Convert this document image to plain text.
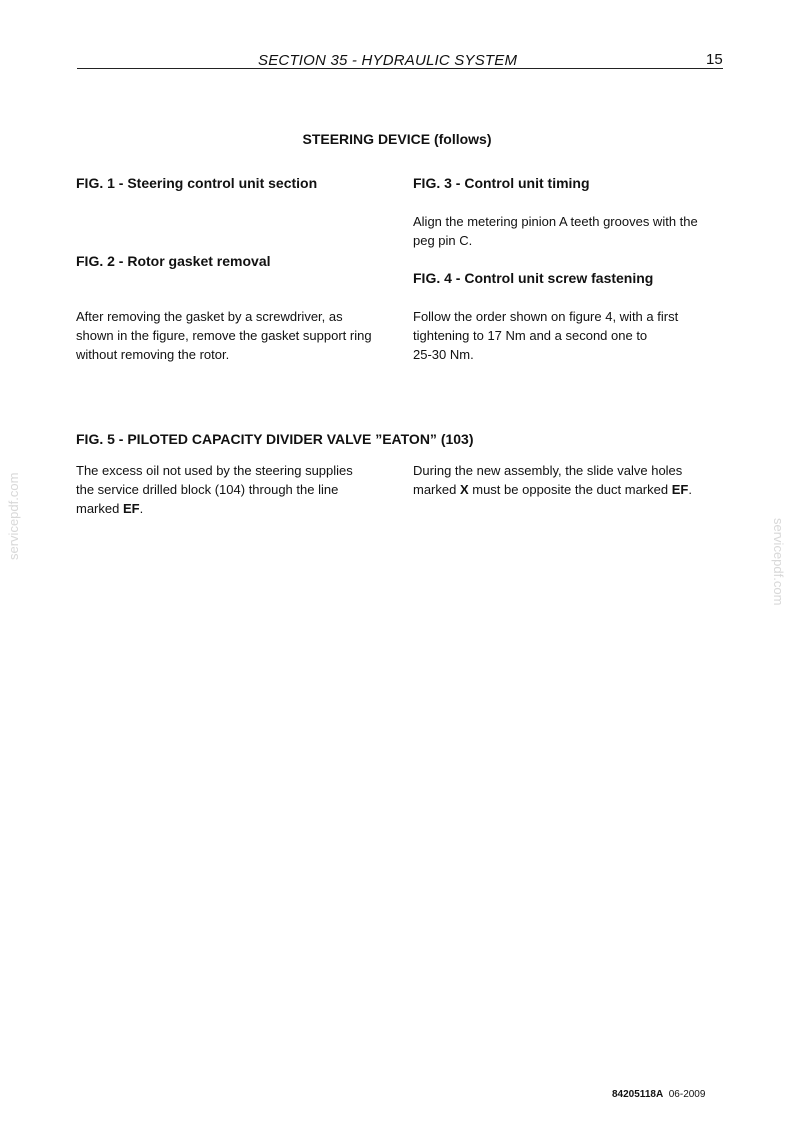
SECTION 35 - HYDRAULIC SYSTEM	15
STEERING DEVICE (follows)
FIG. 1 - Steering control unit section
FIG. 2 - Rotor gasket removal
After removing the gasket by a screwdriver, as
shown in the figure, remove the gasket support ring
without removing the rotor.
FIG. 3 - Control unit timing
Align the metering pinion A teeth grooves with the
peg pin C.
FIG. 4 - Control unit screw fastening
Follow the order shown on figure 4, with a first
tightening to 17 Nm and a second one to
25-30 Nm.
FIG. 5 - PILOTED CAPACITY DIVIDER VALVE ”EATON” (103)
The excess oil not used by the steering supplies
the service drilled block (104) through the line
marked EF.
During the new assembly, the slide valve holes
marked X must be opposite the duct marked EF.
servicepdf.com
servicepdf.com
84205118A 06-2009
